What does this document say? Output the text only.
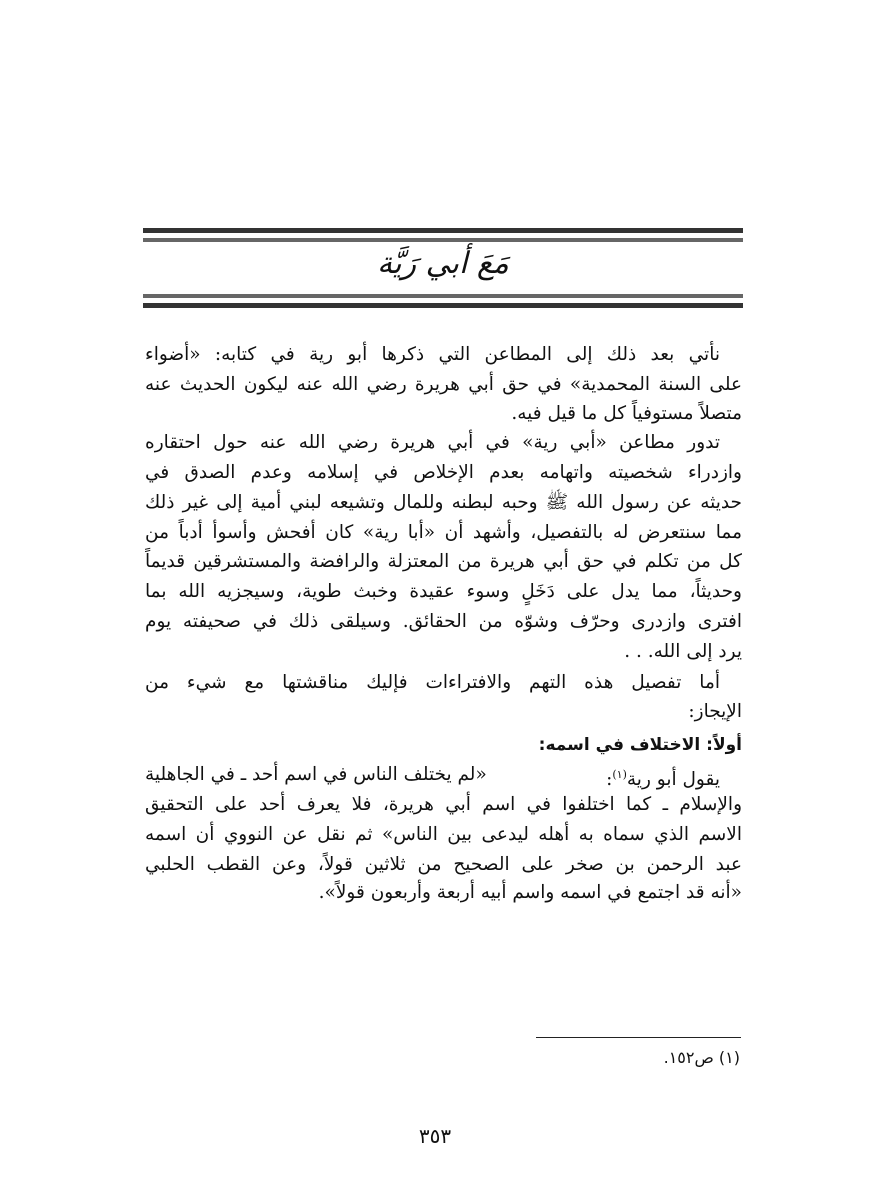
مَعَ أبي رَيَّة
نأتي بعد ذلك إلى المطاعن التي ذكرها أبو رية في كتابه: «أضواء
على السنة المحمدية» في حق أبي هريرة رضي الله عنه ليكون الحديث عنه
متصلاً مستوفياً كل ما قيل فيه.
تدور مطاعن «أبي رية» في أبي هريرة رضي الله عنه حول احتقاره
وازدراء شخصيته واتهامه بعدم الإخلاص في إسلامه وعدم الصدق في
حديثه عن رسول الله ﷺ وحبه لبطنه وللمال وتشيعه لبني أمية إلى غير ذلك
مما سنتعرض له بالتفصيل، وأشهد أن «أبا رية» كان أفحش وأسوأ أدباً من
كل من تكلم في حق أبي هريرة من المعتزلة والرافضة والمستشرقين قديماً
وحديثاً، مما يدل على دَخَلٍ وسوء عقيدة وخبث طوية، وسيجزيه الله بما
افترى وازدرى وحرّف وشوّه من الحقائق. وسيلقى ذلك في صحيفته يوم
يرد إلى الله. . .
أما تفصيل هذه التهم والافتراءات فإليك مناقشتها مع شيء من
الإيجاز:
أولاً: الاختلاف في اسمه:
يقول أبو رية$^{(١)}$:
«لم يختلف الناس في اسم أحد ـ في الجاهلية
والإسلام ـ كما اختلفوا في اسم أبي هريرة، فلا يعرف أحد على التحقيق
الاسم الذي سماه به أهله ليدعى بين الناس» ثم نقل عن النووي أن اسمه
عبد الرحمن بن صخر على الصحيح من ثلاثين قولاً، وعن القطب الحلبي
«أنه قد اجتمع في اسمه واسم أبيه أربعة وأربعون قولاً».
(١) ص١٥٢.
٣٥٣
